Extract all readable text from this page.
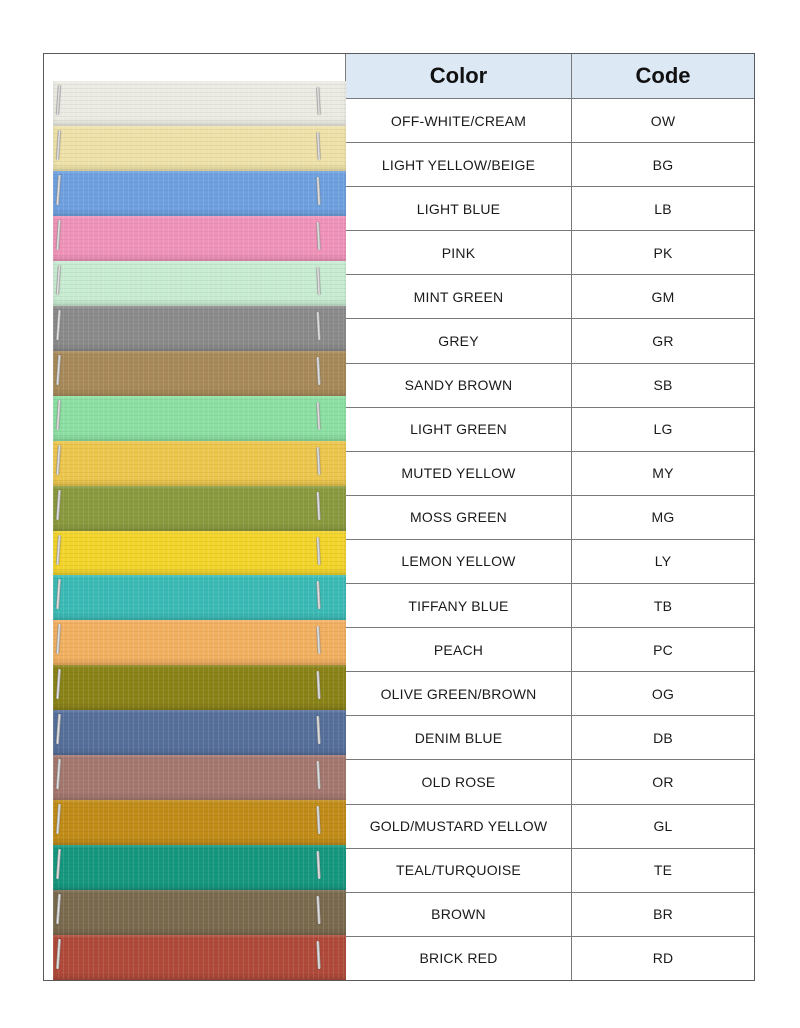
Color	Code
OFF-WHITE/CREAM	OW
LIGHT YELLOW/BEIGE	BG
LIGHT BLUE	LB
PINK	PK
MINT GREEN	GM
GREY	GR
SANDY BROWN	SB
LIGHT GREEN	LG
MUTED YELLOW	MY
MOSS GREEN	MG
LEMON YELLOW	LY
TIFFANY BLUE	TB
PEACH	PC
OLIVE GREEN/BROWN	OG
DENIM BLUE	DB
OLD ROSE	OR
GOLD/MUSTARD YELLOW	GL
TEAL/TURQUOISE	TE
BROWN	BR
BRICK RED	RD
